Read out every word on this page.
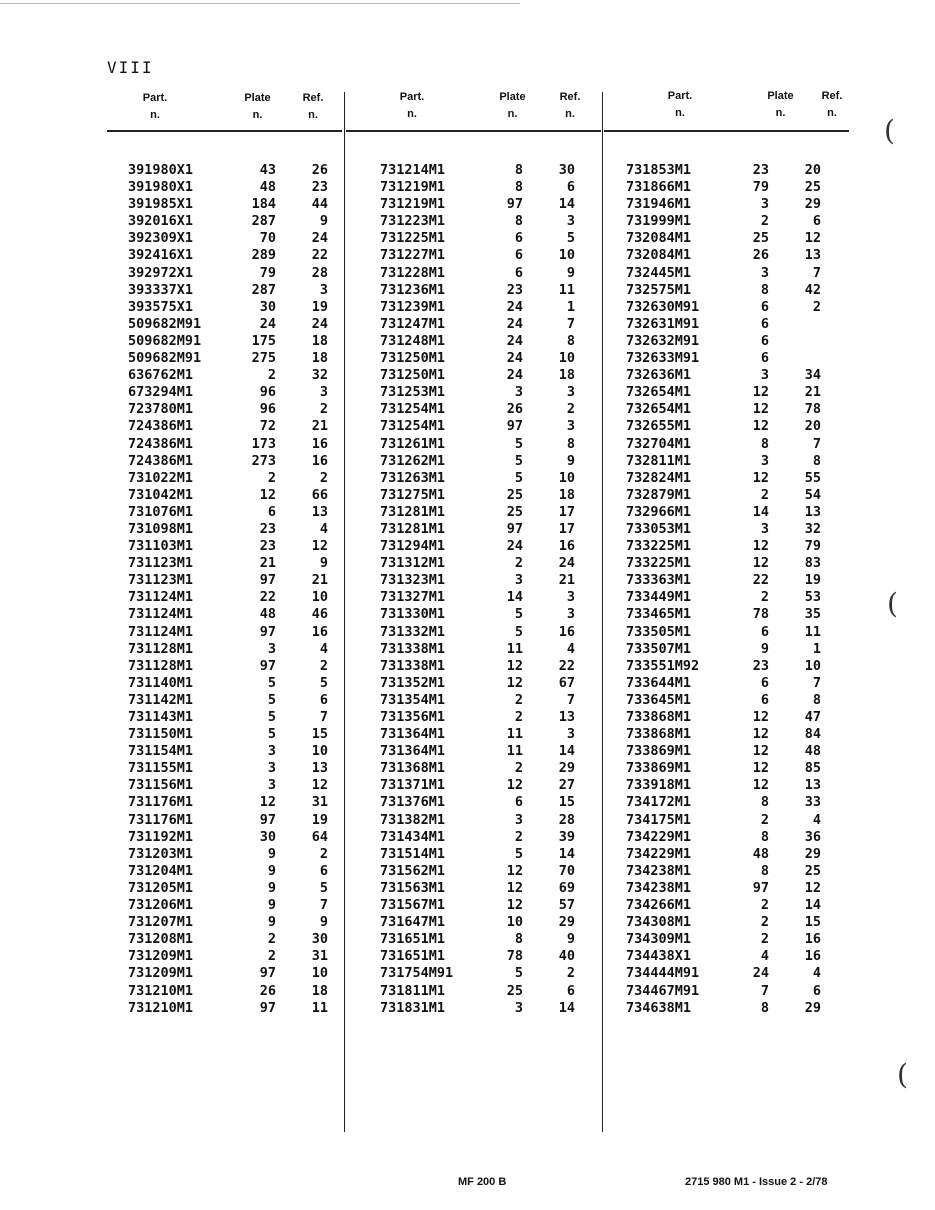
VIII
Part.
n.
Plate
n.
Ref.
n.
Part.
n.
Plate
n.
Ref.
n.
Part.
n.
Plate
n.
Ref.
n.
391980X1	43	26
391980X1	48	23
391985X1	184	44
392016X1	287	9
392309X1	70	24
392416X1	289	22
392972X1	79	28
393337X1	287	3
393575X1	30	19
509682M91	24	24
509682M91	175	18
509682M91	275	18
636762M1	2	32
673294M1	96	3
723780M1	96	2
724386M1	72	21
724386M1	173	16
724386M1	273	16
731022M1	2	2
731042M1	12	66
731076M1	6	13
731098M1	23	4
731103M1	23	12
731123M1	21	9
731123M1	97	21
731124M1	22	10
731124M1	48	46
731124M1	97	16
731128M1	3	4
731128M1	97	2
731140M1	5	5
731142M1	5	6
731143M1	5	7
731150M1	5	15
731154M1	3	10
731155M1	3	13
731156M1	3	12
731176M1	12	31
731176M1	97	19
731192M1	30	64
731203M1	9	2
731204M1	9	6
731205M1	9	5
731206M1	9	7
731207M1	9	9
731208M1	2	30
731209M1	2	31
731209M1	97	10
731210M1	26	18
731210M1	97	11
731214M1	8	30
731219M1	8	6
731219M1	97	14
731223M1	8	3
731225M1	6	5
731227M1	6	10
731228M1	6	9
731236M1	23	11
731239M1	24	1
731247M1	24	7
731248M1	24	8
731250M1	24	10
731250M1	24	18
731253M1	3	3
731254M1	26	2
731254M1	97	3
731261M1	5	8
731262M1	5	9
731263M1	5	10
731275M1	25	18
731281M1	25	17
731281M1	97	17
731294M1	24	16
731312M1	2	24
731323M1	3	21
731327M1	14	3
731330M1	5	3
731332M1	5	16
731338M1	11	4
731338M1	12	22
731352M1	12	67
731354M1	2	7
731356M1	2	13
731364M1	11	3
731364M1	11	14
731368M1	2	29
731371M1	12	27
731376M1	6	15
731382M1	3	28
731434M1	2	39
731514M1	5	14
731562M1	12	70
731563M1	12	69
731567M1	12	57
731647M1	10	29
731651M1	8	9
731651M1	78	40
731754M91	5	2
731811M1	25	6
731831M1	3	14
731853M1	23	20
731866M1	79	25
731946M1	3	29
731999M1	2	6
732084M1	25	12
732084M1	26	13
732445M1	3	7
732575M1	8	42
732630M91	6	2
732631M91	6
732632M91	6
732633M91	6
732636M1	3	34
732654M1	12	21
732654M1	12	78
732655M1	12	20
732704M1	8	7
732811M1	3	8
732824M1	12	55
732879M1	2	54
732966M1	14	13
733053M1	3	32
733225M1	12	79
733225M1	12	83
733363M1	22	19
733449M1	2	53
733465M1	78	35
733505M1	6	11
733507M1	9	1
733551M92	23	10
733644M1	6	7
733645M1	6	8
733868M1	12	47
733868M1	12	84
733869M1	12	48
733869M1	12	85
733918M1	12	13
734172M1	8	33
734175M1	2	4
734229M1	8	36
734229M1	48	29
734238M1	8	25
734238M1	97	12
734266M1	2	14
734308M1	2	15
734309M1	2	16
734438X1	4	16
734444M91	24	4
734467M91	7	6
734638M1	8	29
(
(
(
MF 200 B	2715 980 M1 - Issue 2 - 2/78
